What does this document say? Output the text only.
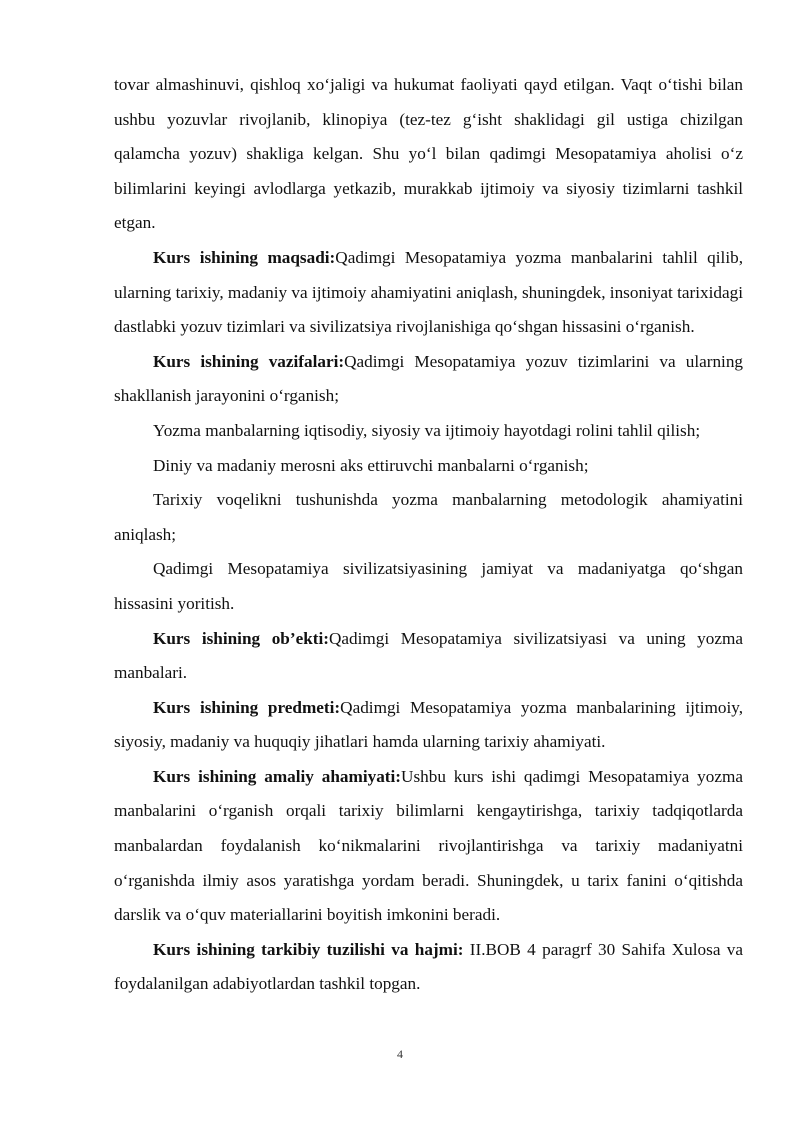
tovar almashinuvi, qishloq xo‘jaligi va hukumat faoliyati qayd etilgan. Vaqt o‘tishi bilan ushbu yozuvlar rivojlanib, klinopiya (tez-tez g‘isht shaklidagi gil ustiga chizilgan qalamcha yozuv) shakliga kelgan. Shu yo‘l bilan qadimgi Mesopatamiya aholisi o‘z bilimlarini keyingi avlodlarga yetkazib, murakkab ijtimoiy va siyosiy tizimlarni tashkil etgan.

Kurs ishining maqsadi:Qadimgi Mesopatamiya yozma manbalarini tahlil qilib, ularning tarixiy, madaniy va ijtimoiy ahamiyatini aniqlash, shuningdek, insoniyat tarixidagi dastlabki yozuv tizimlari va sivilizatsiya rivojlanishiga qo‘shgan hissasini o‘rganish.

Kurs ishining vazifalari:Qadimgi Mesopatamiya yozuv tizimlarini va ularning shakllanish jarayonini o‘rganish;

Yozma manbalarning iqtisodiy, siyosiy va ijtimoiy hayotdagi rolini tahlil qilish;

Diniy va madaniy merosni aks ettiruvchi manbalarni o‘rganish;

Tarixiy voqelikni tushunishda yozma manbalarning metodologik ahamiyatini aniqlash;

Qadimgi Mesopatamiya sivilizatsiyasining jamiyat va madaniyatga qo‘shgan hissasini yoritish.

Kurs ishining ob’ekti:Qadimgi Mesopatamiya sivilizatsiyasi va uning yozma manbalari.

Kurs ishining predmeti:Qadimgi Mesopatamiya yozma manbalarining ijtimoiy, siyosiy, madaniy va huquqiy jihatlari hamda ularning tarixiy ahamiyati.

Kurs ishining amaliy ahamiyati:Ushbu kurs ishi qadimgi Mesopatamiya yozma manbalarini o‘rganish orqali tarixiy bilimlarni kengaytirishga, tarixiy tadqiqotlarda manbalardan foydalanish ko‘nikmalarini rivojlantirishga va tarixiy madaniyatni o‘rganishda ilmiy asos yaratishga yordam beradi. Shuningdek, u tarix fanini o‘qitishda darslik va o‘quv materiallarini boyitish imkonini beradi.

Kurs ishining tarkibiy tuzilishi va hajmi: II.BOB 4 paragrf 30 Sahifa Xulosa va foydalanilgan adabiyotlardan tashkil topgan.

4
